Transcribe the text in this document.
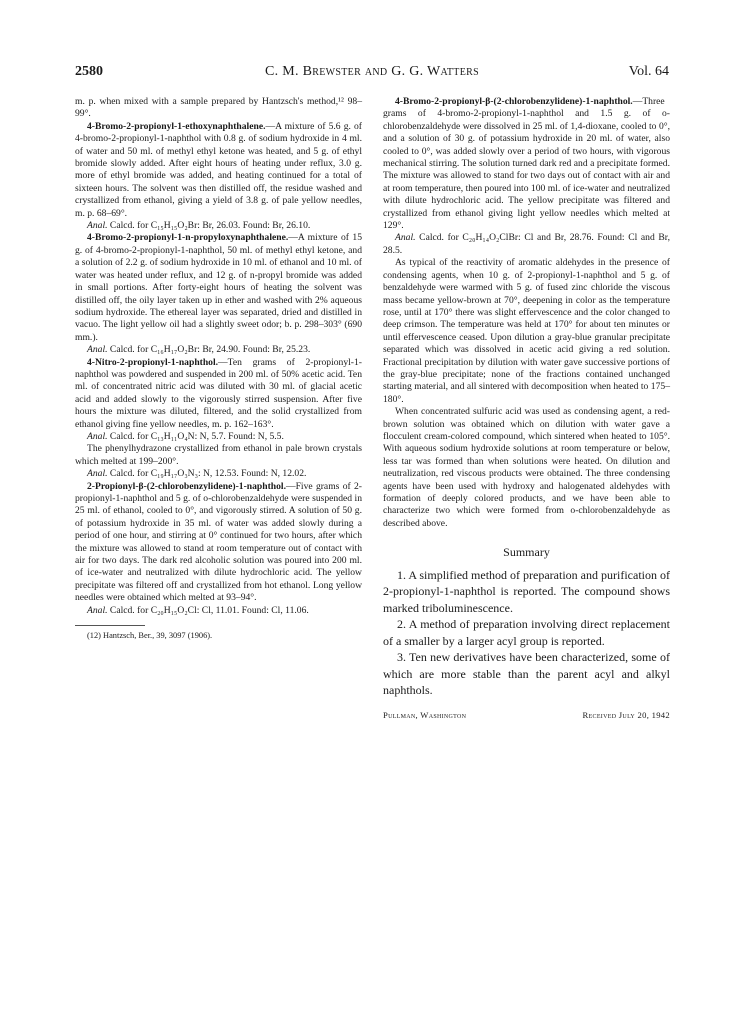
2580	C. M. Brewster and G. G. Watters	Vol. 64

m. p. when mixed with a sample prepared by Hantzsch's method,¹² 98–99°.

4-Bromo-2-propionyl-1-ethoxynaphthalene.—A mixture of 5.6 g. of 4-bromo-2-propionyl-1-naphthol with 0.8 g. of sodium hydroxide in 4 ml. of water and 50 ml. of methyl ethyl ketone was heated, and 5 g. of ethyl bromide slowly added. After eight hours of heating under reflux, 3.0 g. more of ethyl bromide was added, and heating continued for a total of sixteen hours. The solvent was then distilled off, the residue washed and crystallized from ethanol, giving a yield of 3.8 g. of pale yellow needles, m. p. 68–69°.

Anal. Calcd. for C₁₅H₁₅O₂Br: Br, 26.03. Found: Br, 26.10.

4-Bromo-2-propionyl-1-n-propyloxynaphthalene.—A mixture of 15 g. of 4-bromo-2-propionyl-1-naphthol, 50 ml. of methyl ethyl ketone, and a solution of 2.2 g. of sodium hydroxide in 10 ml. of ethanol and 10 ml. of water was heated under reflux, and 12 g. of n-propyl bromide was added in small portions. After forty-eight hours of heating the solvent was distilled off, the oily layer taken up in ether and washed with 2% aqueous sodium hydroxide. The ethereal layer was separated, dried and distilled in vacuo. The light yellow oil had a slightly sweet odor; b. p. 298–303° (690 mm.).

Anal. Calcd. for C₁₆H₁₇O₂Br: Br, 24.90. Found: Br, 25.23.

4-Nitro-2-propionyl-1-naphthol.—Ten grams of 2-propionyl-1-naphthol was powdered and suspended in 200 ml. of 50% acetic acid. Ten ml. of concentrated nitric acid was diluted with 30 ml. of glacial acetic acid and added slowly to the vigorously stirred suspension. After five hours the mixture was diluted, filtered, and the solid crystallized from ethanol giving fine yellow needles, m. p. 162–163°.

Anal. Calcd. for C₁₃H₁₁O₄N: N, 5.7. Found: N, 5.5.

The phenylhydrazone crystallized from ethanol in pale brown crystals which melted at 199–200°.

Anal. Calcd. for C₁₉H₁₇O₃N₃: N, 12.53. Found: N, 12.02.

2-Propionyl-β-(2-chlorobenzylidene)-1-naphthol.—Five grams of 2-propionyl-1-naphthol and 5 g. of o-chlorobenzaldehyde were suspended in 25 ml. of ethanol, cooled to 0°, and vigorously stirred. A solution of 50 g. of potassium hydroxide in 35 ml. of water was added slowly during a period of one hour, and stirring at 0° continued for two hours, after which the mixture was allowed to stand at room temperature out of contact with air for two days. The dark red alcoholic solution was poured into 200 ml. of ice-water and neutralized with dilute hydrochloric acid. The yellow precipitate was filtered off and crystallized from hot ethanol. Long yellow needles were obtained which melted at 93–94°.

Anal. Calcd. for C₂₀H₁₅O₂Cl: Cl, 11.01. Found: Cl, 11.06.

(12) Hantzsch, Ber., 39, 3097 (1906).

4-Bromo-2-propionyl-β-(2-chlorobenzylidene)-1-naphthol.—Three grams of 4-bromo-2-propionyl-1-naphthol and 1.5 g. of o-chlorobenzaldehyde were dissolved in 25 ml. of 1,4-dioxane, cooled to 0°, and a solution of 30 g. of potassium hydroxide in 20 ml. of water, also cooled to 0°, was added slowly over a period of two hours, with vigorous mechanical stirring. The solution turned dark red and a precipitate formed. The mixture was allowed to stand for two days out of contact with air and at room temperature, then poured into 100 ml. of ice-water and neutralized with dilute hydrochloric acid. The yellow precipitate was filtered and crystallized from ethanol giving light yellow needles which melted at 129°.

Anal. Calcd. for C₂₀H₁₄O₂ClBr: Cl and Br, 28.76. Found: Cl and Br, 28.5.

As typical of the reactivity of aromatic aldehydes in the presence of condensing agents, when 10 g. of 2-propionyl-1-naphthol and 5 g. of benzaldehyde were warmed with 5 g. of fused zinc chloride the viscous mass became yellow-brown at 70°, deepening in color as the temperature rose, until at 170° there was slight effervescence and the color changed to deep crimson. The temperature was held at 170° for about ten minutes or until effervescence ceased. Upon dilution a gray-blue granular precipitate separated which was dissolved in acetic acid giving a red solution. Fractional precipitation by dilution with water gave successive portions of the gray-blue precipitate; none of the fractions contained unchanged starting material, and all sintered with decomposition when heated to 175–180°.

When concentrated sulfuric acid was used as condensing agent, a red-brown solution was obtained which on dilution with water gave a flocculent cream-colored compound, which sintered when heated to 105°. With aqueous sodium hydroxide solutions at room temperature or below, less tar was formed than when solutions were heated. On dilution and neutralization, red viscous products were obtained. The three condensing agents have been used with hydroxy and halogenated aldehydes with formation of deeply colored products, and we have been able to characterize two which were formed from o-chlorobenzaldehyde as described above.

Summary

1. A simplified method of preparation and purification of 2-propionyl-1-naphthol is reported. The compound shows marked triboluminescence.

2. A method of preparation involving direct replacement of a smaller by a larger acyl group is reported.

3. Ten new derivatives have been characterized, some of which are more stable than the parent acyl and alkyl naphthols.

Pullman, Washington	Received July 20, 1942
